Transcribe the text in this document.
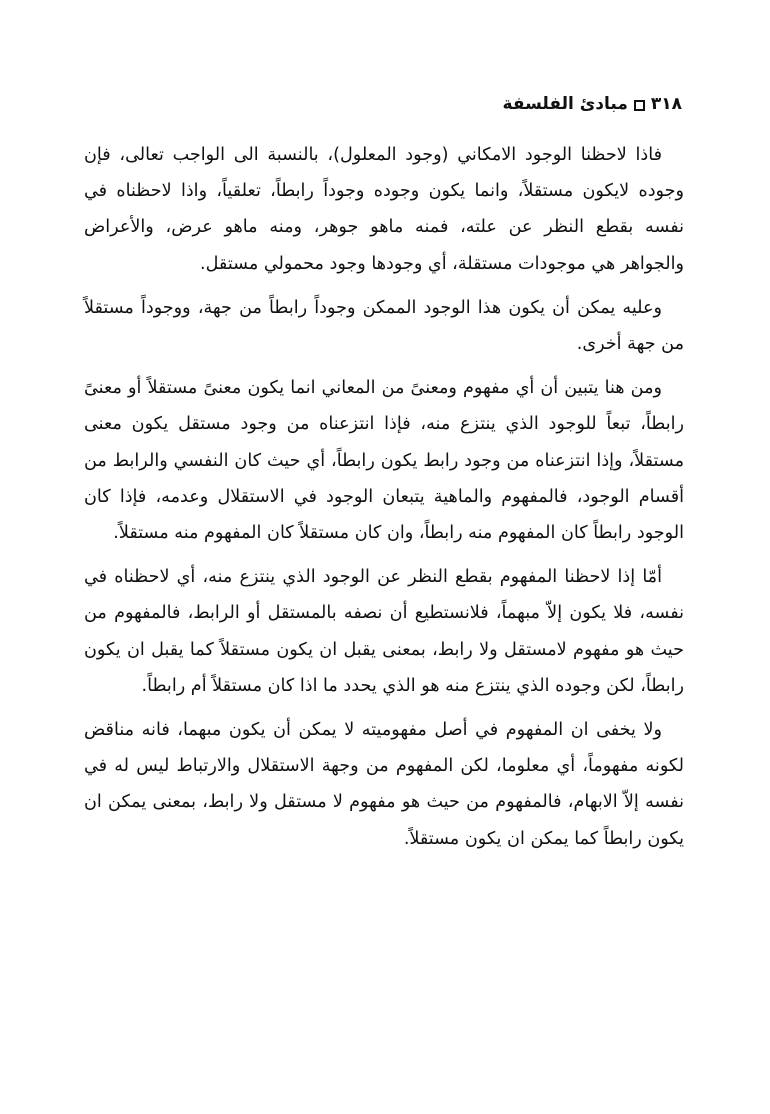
٣١٨
مبادئ الفلسفة

فاذا لاحظنا الوجود الامكاني (وجود المعلول)، بالنسبة الى الواجب تعالى، فإن وجوده لايكون مستقلاً، وانما يكون وجوده وجوداً رابطاً، تعلقياً، واذا لاحظناه في نفسه بقطع النظر عن علته، فمنه ماهو جوهر، ومنه ماهو عرض، والأعراض والجواهر هي موجودات مستقلة، أي وجودها وجود محمولي مستقل.

وعليه يمكن أن يكون هذا الوجود الممكن وجوداً رابطاً من جهة، ووجوداً مستقلاً من جهة أخرى.

ومن هنا يتبين أن أي مفهوم ومعنىً من المعاني انما يكون معنىً مستقلاً أو معنىً رابطاً، تبعاً للوجود الذي ينتزع منه، فإذا انتزعناه من وجود مستقل يكون معنى مستقلاً، وإذا انتزعناه من وجود رابط يكون رابطاً، أي حيث كان النفسي والرابط من أقسام الوجود، فالمفهوم والماهية يتبعان الوجود في الاستقلال وعدمه، فإذا كان الوجود رابطاً كان المفهوم منه رابطاً، وان كان مستقلاً كان المفهوم منه مستقلاً.

أمّا إذا لاحظنا المفهوم بقطع النظر عن الوجود الذي ينتزع منه، أي لاحظناه في نفسه، فلا يكون إلاّ مبهماً، فلانستطيع أن نصفه بالمستقل أو الرابط، فالمفهوم من حيث هو مفهوم لامستقل ولا رابط، بمعنى يقبل ان يكون مستقلاً كما يقبل ان يكون رابطاً، لكن وجوده الذي ينتزع منه هو الذي يحدد ما اذا كان مستقلاً أم رابطاً.

ولا يخفى ان المفهوم في أصل مفهوميته لا يمكن أن يكون مبهما، فانه مناقض لكونه مفهوماً، أي معلوما، لكن المفهوم من وجهة الاستقلال والارتباط ليس له في نفسه إلاّ الابهام، فالمفهوم من حيث هو مفهوم لا مستقل ولا رابط، بمعنى يمكن ان يكون رابطاً كما يمكن ان يكون مستقلاً.
